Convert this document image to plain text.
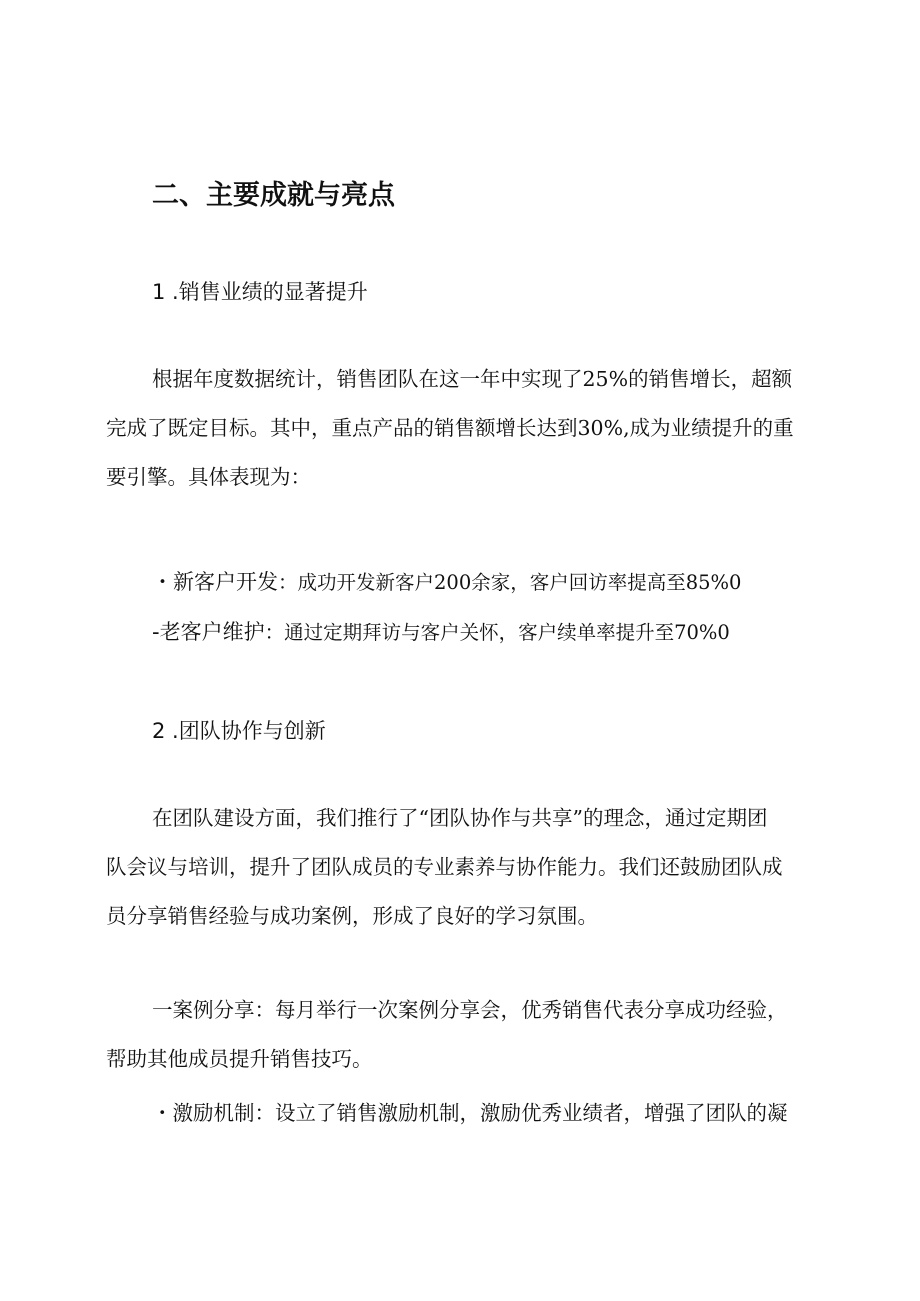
二、主要成就与亮点
1 .销售业绩的显著提升
根据年度数据统计，销售团队在这一年中实现了25%的销售增长，超额
完成了既定目标。其中，重点产品的销售额增长达到30%,成为业绩提升的重
要引擎。具体表现为：
・新客户开发：成功开发新客户200余家，客户回访率提高至85%0
-老客户维护：通过定期拜访与客户关怀，客户续单率提升至70%0
2 .团队协作与创新
在团队建设方面，我们推行了“团队协作与共享”的理念，通过定期团
队会议与培训，提升了团队成员的专业素养与协作能力。我们还鼓励团队成
员分享销售经验与成功案例，形成了良好的学习氛围。
一案例分享：每月举行一次案例分享会，优秀销售代表分享成功经验，
帮助其他成员提升销售技巧。
・激励机制：设立了销售激励机制，激励优秀业绩者，增强了团队的凝
